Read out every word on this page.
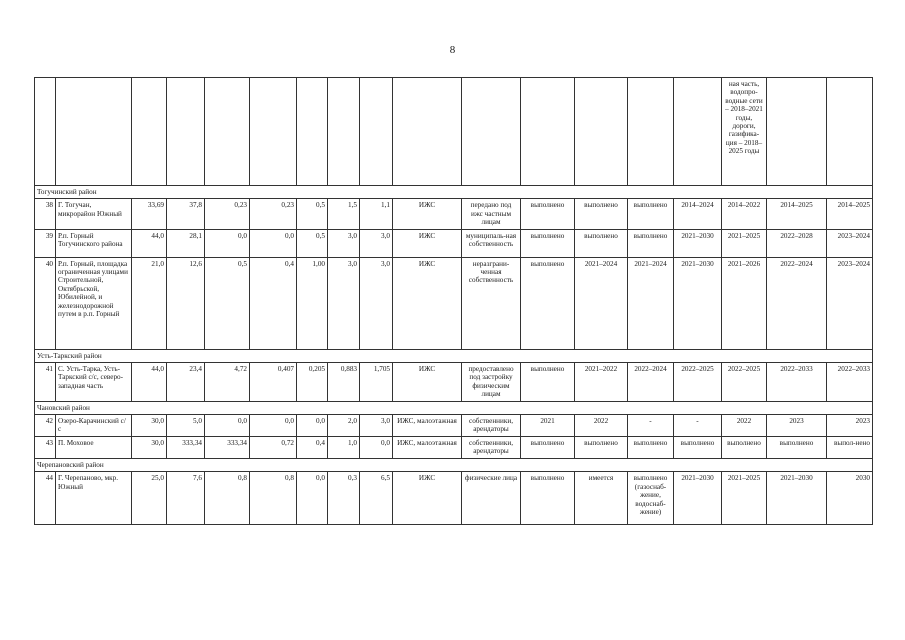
8
															ная часть, водопро-водные сети – 2018–2021 годы, дороги, газифика-ция – 2018–2025 годы		
Тогучинский район																	
38	Г. Тогучан, микрорайон Южный	33,69	37,8	0,23	0,23	0,5	1,5	1,1	ИЖС	передано под ижс частным лицам	выполнено	выполнено	выполнено	2014–2024	2014–2022	2014–2025	2014–2025
39	Р.п. Горный Тогучинского района	44,0	28,1	0,0	0,0	0,5	3,0	3,0	ИЖС	муниципаль-ная собственность	выполнено	выполнено	выполнено	2021–2030	2021–2025	2022–2028	2023–2024
40	Р.п. Горный, площадка ограниченная улицами Строительной, Октябрьской, Юбилейной, и железнодорожной путем в р.п. Горный	21,0	12,6	0,5	0,4	1,00	3,0	3,0	ИЖС	неразграни-ченная собственность	выполнено	2021–2024	2021–2024	2021–2030	2021–2026	2022–2024	2023–2024
Усть-Таркский район																	
41	С. Усть-Тарка, Усть-Таркский с/с, северо-западная часть	44,0	23,4	4,72	0,407	0,205	0,883	1,705	ИЖС	предоставлено под застройку физическим лицам	выполнено	2021–2022	2022–2024	2022–2025	2022–2025	2022–2033	2022–2033
Чановский район																	
42	Озеро-Карачинский с/с	30,0	5,0	0,0	0,0	0,0	2,0	3,0	ИЖС, малоэтажная	собственники, арендаторы	2021	2022	-	-	2022	2023	2023
43	П. Моховое	30,0	333,34	333,34	0,72	0,4	1,0	0,0	ИЖС, малоэтажная	собственники, арендаторы	выполнено	выполнено	выполнено	выполнено	выполнено	выполнено	выпол-нено
Черепановский район																	
44	Г. Черепаново, мкр. Южный	25,0	7,6	0,8	0,8	0,0	0,3	6,5	ИЖС	физические лица	выполнено	имеется	выполнено (газоснаб-жение, водоснаб-жение)	2021–2030	2021–2025	2021–2030	2030
